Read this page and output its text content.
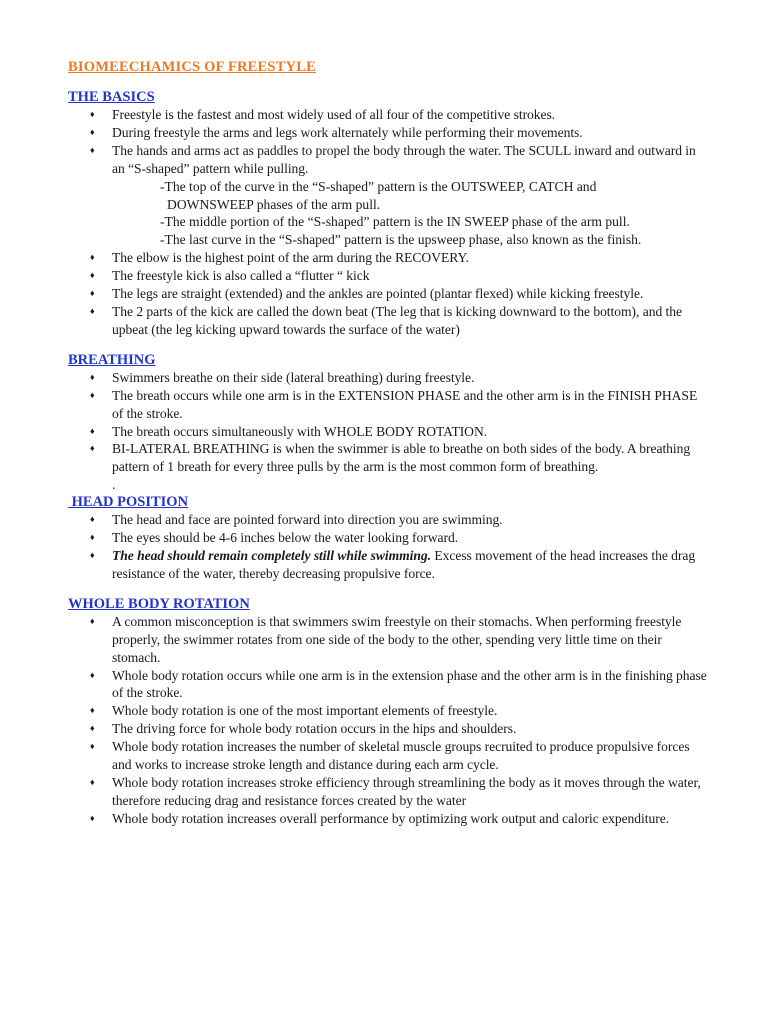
BIOMEECHAMICS OF FREESTYLE
THE BASICS
♦ Freestyle is the fastest and most widely used of all four of the competitive strokes.
♦ During freestyle the arms and legs work alternately while performing their movements.
♦ The hands and arms act as paddles to propel the body through the water. The SCULL inward and outward in an “S-shaped” pattern while pulling.
-The top of the curve in the “S-shaped” pattern is the OUTSWEEP, CATCH and
DOWNSWEEP phases of the arm pull.
-The middle portion of the “S-shaped” pattern is the IN SWEEP phase of the arm pull.
-The last curve in the “S-shaped” pattern is the upsweep phase, also known as the finish.
♦ The elbow is the highest point of the arm during the RECOVERY.
♦ The freestyle kick is also called a “flutter “ kick
♦ The legs are straight (extended) and the ankles are pointed (plantar flexed) while kicking freestyle.
♦ The 2 parts of the kick are called the down beat (The leg that is kicking downward to the bottom), and the upbeat (the leg kicking upward towards the surface of the water)
BREATHING
♦ Swimmers breathe on their side (lateral breathing) during freestyle.
♦ The breath occurs while one arm is in the EXTENSION PHASE and the other arm is in the FINISH PHASE of the stroke.
♦ The breath occurs simultaneously with WHOLE BODY ROTATION.
♦ BI-LATERAL BREATHING is when the swimmer is able to breathe on both sides of the body. A breathing pattern of 1 breath for every three pulls by the arm is the most common form of breathing.
.
HEAD POSITION
♦ The head and face are pointed forward into direction you are swimming.
♦ The eyes should be 4-6 inches below the water looking forward.
♦ The head should remain completely still while swimming. Excess movement of the head increases the drag resistance of the water, thereby decreasing propulsive force.
WHOLE BODY ROTATION
♦ A common misconception is that swimmers swim freestyle on their stomachs. When performing freestyle properly, the swimmer rotates from one side of the body to the other, spending very little time on their stomach.
♦ Whole body rotation occurs while one arm is in the extension phase and the other arm is in the finishing phase of the stroke.
♦ Whole body rotation is one of the most important elements of freestyle.
♦ The driving force for whole body rotation occurs in the hips and shoulders.
♦ Whole body rotation increases the number of skeletal muscle groups recruited to produce propulsive forces and works to increase stroke length and distance during each arm cycle.
♦ Whole body rotation increases stroke efficiency through streamlining the body as it moves through the water, therefore reducing drag and resistance forces created by the water
♦ Whole body rotation increases overall performance by optimizing work output and caloric expenditure.
